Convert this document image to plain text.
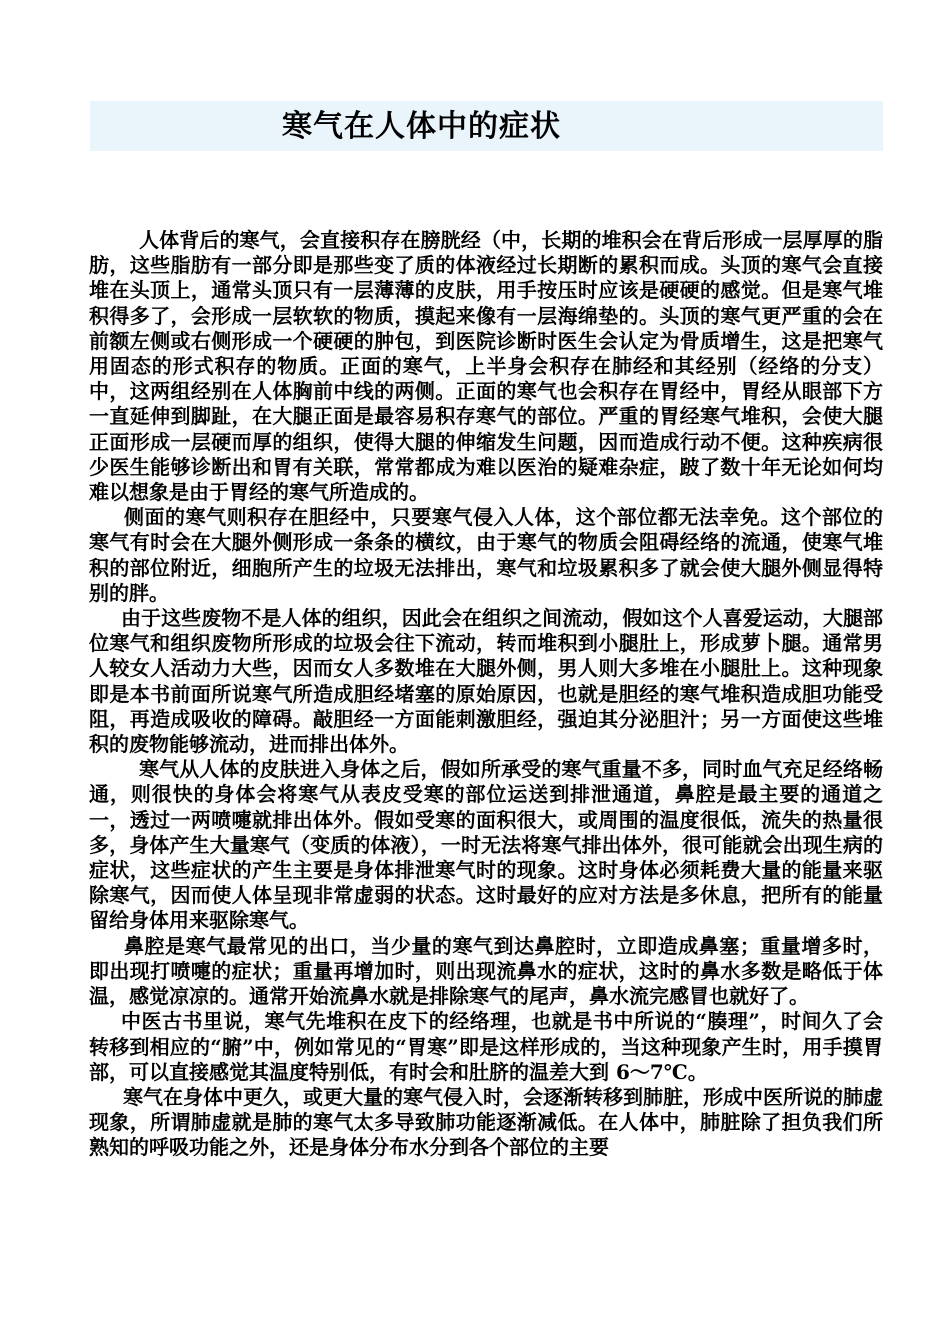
寒气在人体中的症状

人体背后的寒气，会直接积存在膀胱经（中，长期的堆积会在背后形成一层厚厚的脂肪，这些脂肪有一部分即是那些变了质的体液经过长期断的累积而成。头顶的寒气会直接堆在头顶上，通常头顶只有一层薄薄的皮肤，用手按压时应该是硬硬的感觉。但是寒气堆积得多了，会形成一层软软的物质，摸起来像有一层海绵垫的。头顶的寒气更严重的会在前额左侧或右侧形成一个硬硬的肿包，到医院诊断时医生会认定为骨质增生，这是把寒气用固态的形式积存的物质。正面的寒气，上半身会积存在肺经和其经别（经络的分支）中，这两组经别在人体胸前中线的两侧。正面的寒气也会积存在胃经中，胃经从眼部下方一直延伸到脚趾，在大腿正面是最容易积存寒气的部位。严重的胃经寒气堆积，会使大腿正面形成一层硬而厚的组织，使得大腿的伸缩发生问题，因而造成行动不便。这种疾病很少医生能够诊断出和胃有关联，常常都成为难以医治的疑难杂症，跛了数十年无论如何均难以想象是由于胃经的寒气所造成的。

侧面的寒气则积存在胆经中，只要寒气侵入人体，这个部位都无法幸免。这个部位的寒气有时会在大腿外侧形成一条条的横纹，由于寒气的物质会阻碍经络的流通，使寒气堆积的部位附近，细胞所产生的垃圾无法排出，寒气和垃圾累积多了就会使大腿外侧显得特别的胖。

由于这些废物不是人体的组织，因此会在组织之间流动，假如这个人喜爱运动，大腿部位寒气和组织废物所形成的垃圾会往下流动，转而堆积到小腿肚上，形成萝卜腿。通常男人较女人活动力大些，因而女人多数堆在大腿外侧，男人则大多堆在小腿肚上。这种现象即是本书前面所说寒气所造成胆经堵塞的原始原因，也就是胆经的寒气堆积造成胆功能受阻，再造成吸收的障碍。敲胆经一方面能刺激胆经，强迫其分泌胆汁；另一方面使这些堆积的废物能够流动，进而排出体外。

寒气从人体的皮肤进入身体之后，假如所承受的寒气重量不多，同时血气充足经络畅通，则很快的身体会将寒气从表皮受寒的部位运送到排泄通道，鼻腔是最主要的通道之一，透过一两喷嚏就排出体外。假如受寒的面积很大，或周围的温度很低，流失的热量很多，身体产生大量寒气（变质的体液），一时无法将寒气排出体外，很可能就会出现生病的症状，这些症状的产生主要是身体排泄寒气时的现象。这时身体必须耗费大量的能量来驱除寒气，因而使人体呈现非常虚弱的状态。这时最好的应对方法是多休息，把所有的能量留给身体用来驱除寒气。

鼻腔是寒气最常见的出口，当少量的寒气到达鼻腔时，立即造成鼻塞；重量增多时，即出现打喷嚏的症状；重量再增加时，则出现流鼻水的症状，这时的鼻水多数是略低于体温，感觉凉凉的。通常开始流鼻水就是排除寒气的尾声，鼻水流完感冒也就好了。

中医古书里说，寒气先堆积在皮下的经络理，也就是书中所说的“腠理”，时间久了会转移到相应的“腑”中，例如常见的“胃寒”即是这样形成的，当这种现象产生时，用手摸胃部，可以直接感觉其温度特别低，有时会和肚脐的温差大到 6～7℃。

寒气在身体中更久，或更大量的寒气侵入时，会逐渐转移到肺脏，形成中医所说的肺虚现象，所谓肺虚就是肺的寒气太多导致肺功能逐渐减低。在人体中，肺脏除了担负我们所熟知的呼吸功能之外，还是身体分布水分到各个部位的主要
